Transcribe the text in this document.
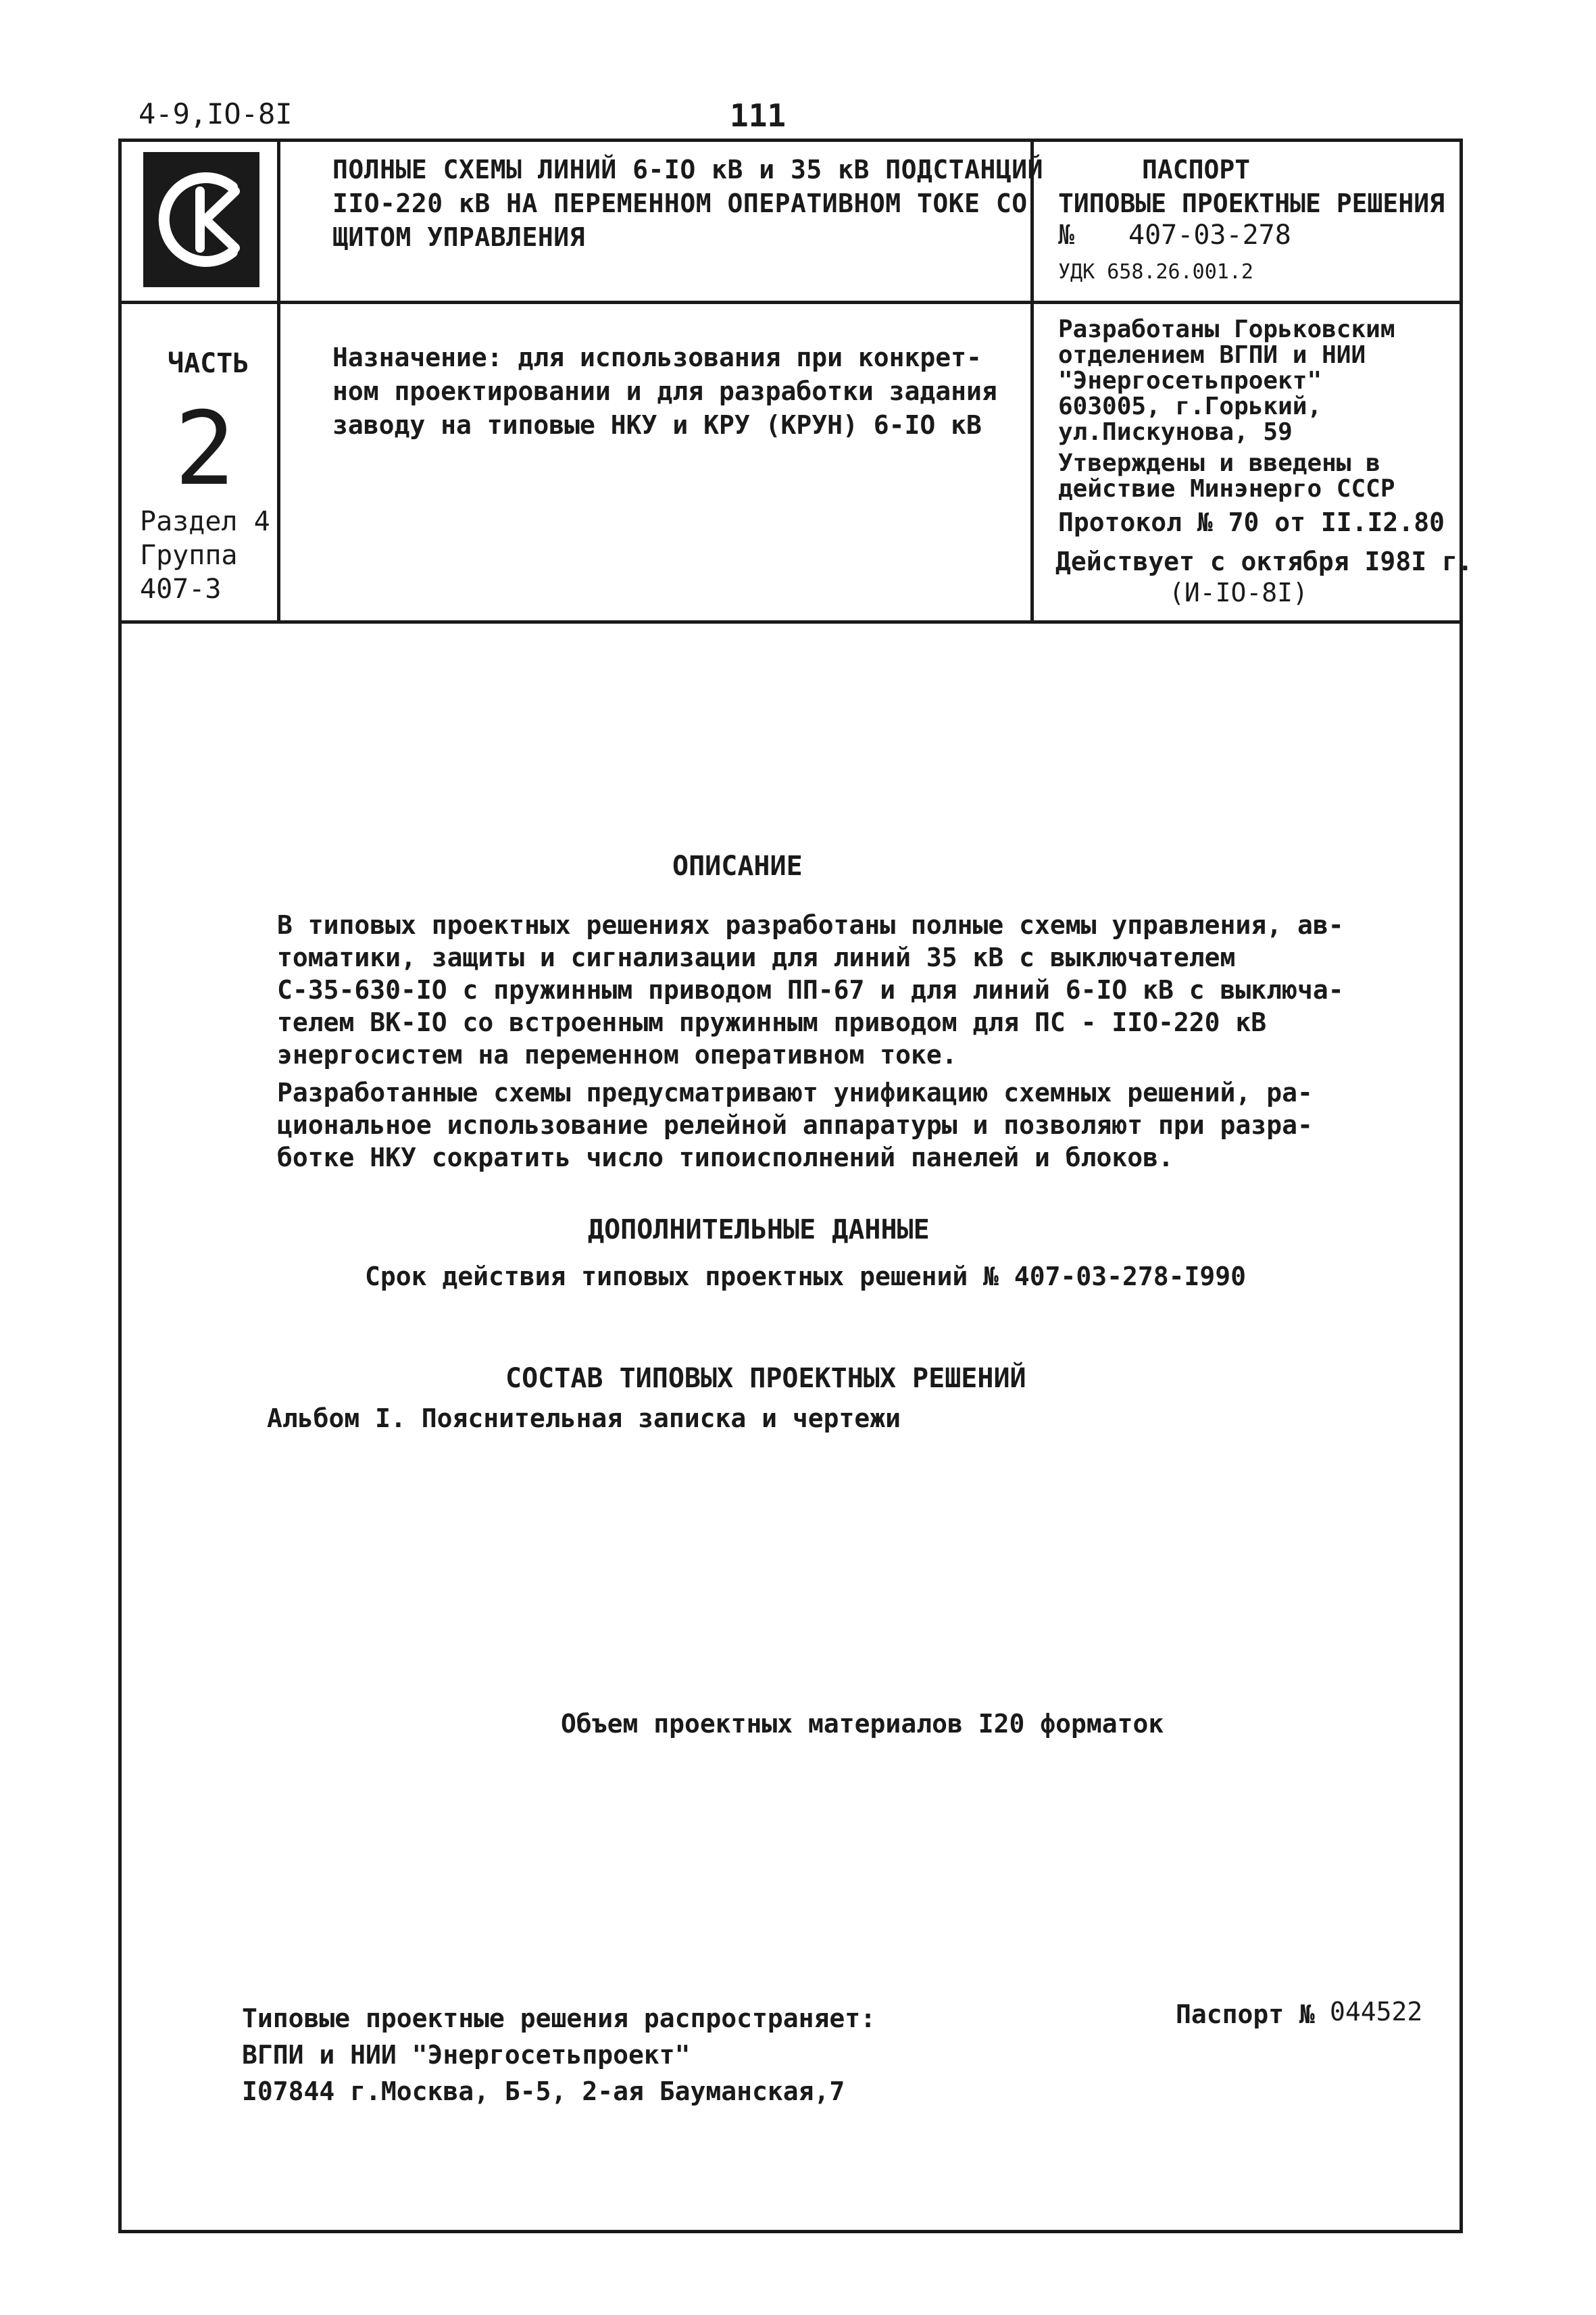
4-9,IO-8I	111
ПОЛНЫЕ СХЕМЫ ЛИНИЙ 6-IO кВ и 35 кВ ПОДСТАНЦИЙ
IIO-220 кВ НА ПЕРЕМЕННОМ ОПЕРАТИВНОМ ТОКЕ СО
ЩИТОМ УПРАВЛЕНИЯ
ПАСПОРТ
ТИПОВЫЕ ПРОЕКТНЫЕ РЕШЕНИЯ
№ 407-03-278
УДК 658.26.001.2
ЧАСТЬ
2
Раздел 4
Группа
407-3
Назначение: для использования при конкрет-
ном проектировании и для разработки задания
заводу на типовые НКУ и КРУ (КРУН) 6-IO кВ
Разработаны Горьковским
отделением ВГПИ и НИИ
"Энергосетьпроект"
603005, г.Горький,
ул.Пискунова, 59
Утверждены и введены в
действие Минэнерго СССР
Протокол № 70 от II.I2.80
Действует с октября I98I г.
(И-IO-8I)
ОПИСАНИЕ
В типовых проектных решениях разработаны полные схемы управления, ав-
томатики, защиты и сигнализации для линий 35 кВ с выключателем
С-35-630-IO с пружинным приводом ПП-67 и для линий 6-IO кВ с выключа-
телем ВК-IO со встроенным пружинным приводом для ПС - IIO-220 кВ
энергосистем на переменном оперативном токе.
Разработанные схемы предусматривают унификацию схемных решений, ра-
циональное использование релейной аппаратуры и позволяют при разра-
ботке НКУ сократить число типоисполнений панелей и блоков.
ДОПОЛНИТЕЛЬНЫЕ ДАННЫЕ
Срок действия типовых проектных решений № 407-03-278-I990
СОСТАВ ТИПОВЫХ ПРОЕКТНЫХ РЕШЕНИЙ
Альбом I. Пояснительная записка и чертежи
Объем проектных материалов I20 форматок
Типовые проектные решения распространяет:
ВГПИ и НИИ "Энергосетьпроект"
I07844 г.Москва, Б-5, 2-ая Бауманская,7
Паспорт № 044522
